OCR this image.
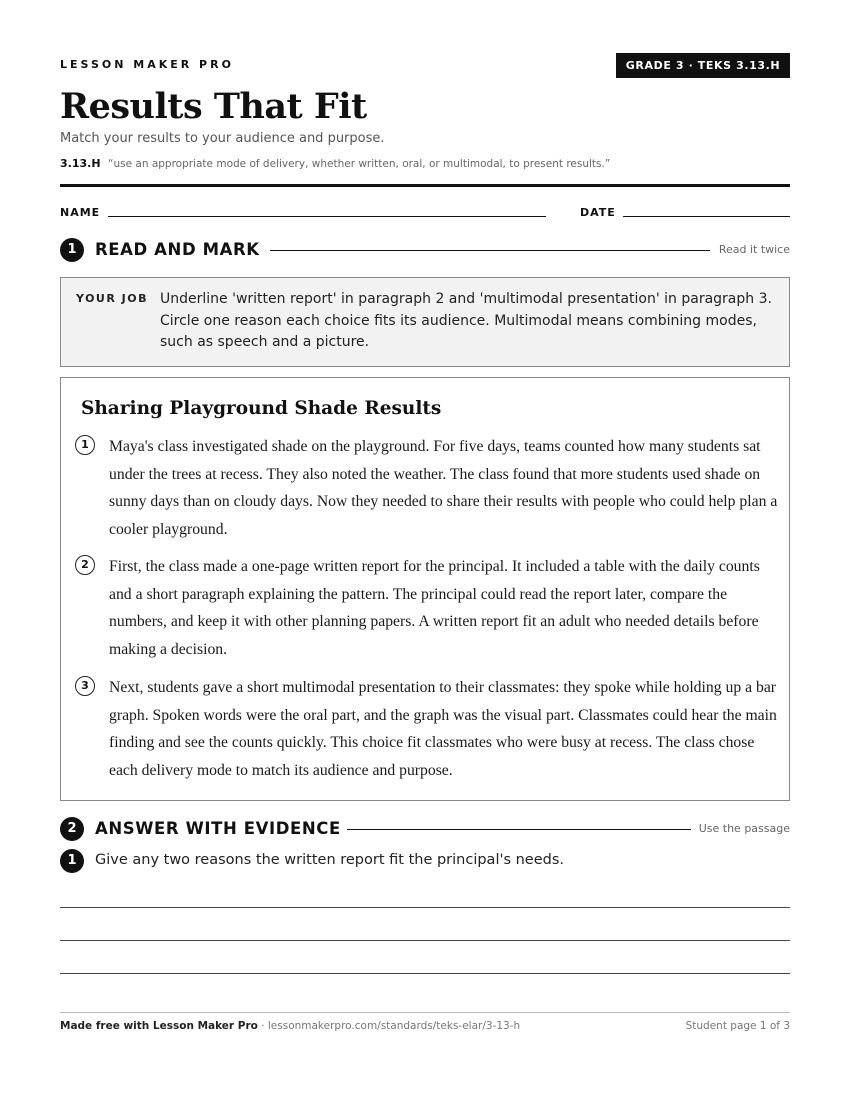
LESSON MAKER PRO	GRADE 3 · TEKS 3.13.H
Results That Fit
Match your results to your audience and purpose.
3.13.H “use an appropriate mode of delivery, whether written, oral, or multimodal, to present results.”
NAME	DATE
1	READ AND MARK	Read it twice
YOUR JOB Underline 'written report' in paragraph 2 and 'multimodal presentation' in paragraph 3. Circle one reason each choice fits its audience. Multimodal means combining modes, such as speech and a picture.
Sharing Playground Shade Results
1	Maya's class investigated shade on the playground. For five days, teams counted how many students sat under the trees at recess. They also noted the weather. The class found that more students used shade on sunny days than on cloudy days. Now they needed to share their results with people who could help plan a cooler playground.
2	First, the class made a one-page written report for the principal. It included a table with the daily counts and a short paragraph explaining the pattern. The principal could read the report later, compare the numbers, and keep it with other planning papers. A written report fit an adult who needed details before making a decision.
3	Next, students gave a short multimodal presentation to their classmates: they spoke while holding up a bar graph. Spoken words were the oral part, and the graph was the visual part. Classmates could hear the main finding and see the counts quickly. This choice fit classmates who were busy at recess. The class chose each delivery mode to match its audience and purpose.
2	ANSWER WITH EVIDENCE	Use the passage
1	Give any two reasons the written report fit the principal's needs.
Made free with Lesson Maker Pro · lessonmakerpro.com/standards/teks-elar/3-13-h	Student page 1 of 3
